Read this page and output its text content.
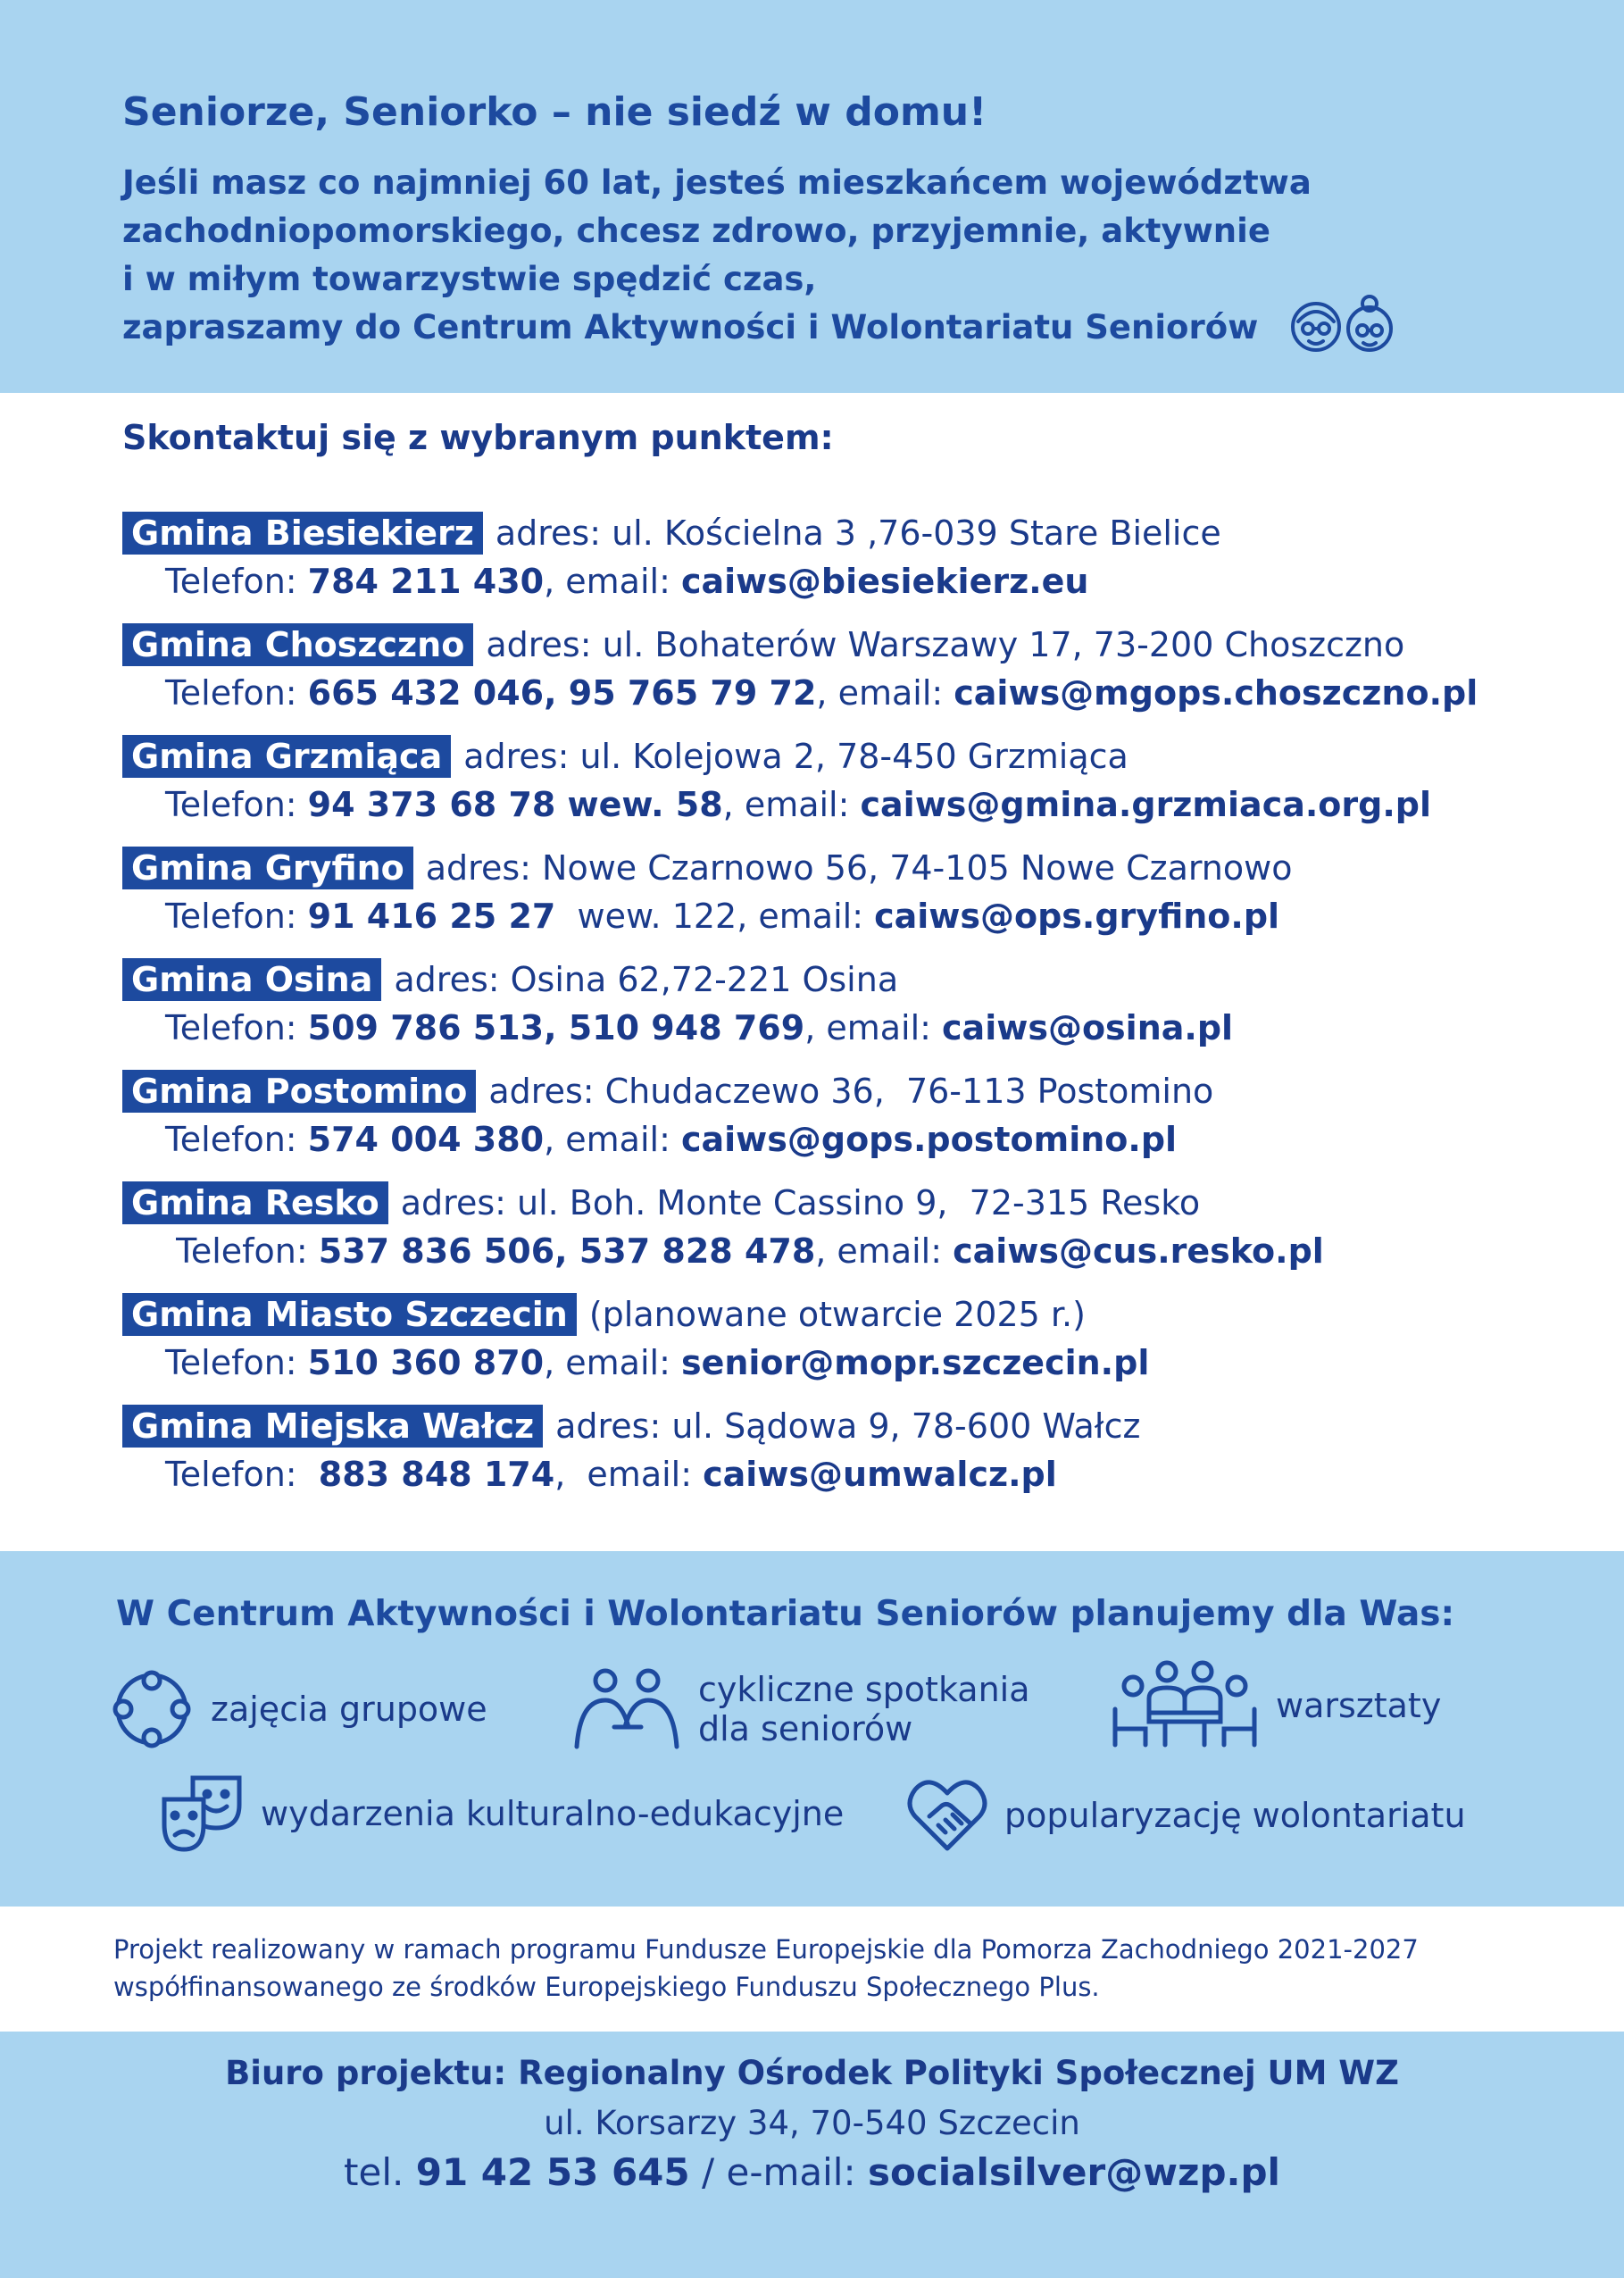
Seniorze, Seniorko – nie siedź w domu!
Jeśli masz co najmniej 60 lat, jesteś mieszkańcem województwa
zachodniopomorskiego, chcesz zdrowo, przyjemnie, aktywnie
i w miłym towarzystwie spędzić czas,
zapraszamy do Centrum Aktywności i Wolontariatu Seniorów
Skontaktuj się z wybranym punktem:
Gmina Biesiekierz adres: ul. Kościelna 3 ,76-039 Stare Bielice
Telefon: 784 211 430, email: caiws@biesiekierz.eu
Gmina Choszczno adres: ul. Bohaterów Warszawy 17, 73-200 Choszczno
Telefon: 665 432 046, 95 765 79 72, email: caiws@mgops.choszczno.pl
Gmina Grzmiąca adres: ul. Kolejowa 2, 78-450 Grzmiąca
Telefon: 94 373 68 78 wew. 58, email: caiws@gmina.grzmiaca.org.pl
Gmina Gryfino adres: Nowe Czarnowo 56, 74-105 Nowe Czarnowo
Telefon: 91 416 25 27  wew. 122, email: caiws@ops.gryfino.pl
Gmina Osina adres: Osina 62,72-221 Osina
Telefon: 509 786 513, 510 948 769, email: caiws@osina.pl
Gmina Postomino adres: Chudaczewo 36,  76-113 Postomino
Telefon: 574 004 380, email: caiws@gops.postomino.pl
Gmina Resko adres: ul. Boh. Monte Cassino 9,  72-315 Resko
Telefon: 537 836 506, 537 828 478, email: caiws@cus.resko.pl
Gmina Miasto Szczecin (planowane otwarcie 2025 r.)
Telefon: 510 360 870, email: senior@mopr.szczecin.pl
Gmina Miejska Wałcz adres: ul. Sądowa 9, 78-600 Wałcz
Telefon:  883 848 174,  email: caiws@umwalcz.pl
W Centrum Aktywności i Wolontariatu Seniorów planujemy dla Was:
zajęcia grupowe	cykliczne spotkania
dla seniorów
warsztaty
wydarzenia kulturalno-edukacyjne	popularyzację wolontariatu
Projekt realizowany w ramach programu Fundusze Europejskie dla Pomorza Zachodniego 2021-2027
współfinansowanego ze środków Europejskiego Funduszu Społecznego Plus.
Biuro projektu: Regionalny Ośrodek Polityki Społecznej UM WZ
ul. Korsarzy 34, 70-540 Szczecin
tel. 91 42 53 645 / e-mail: socialsilver@wzp.pl
